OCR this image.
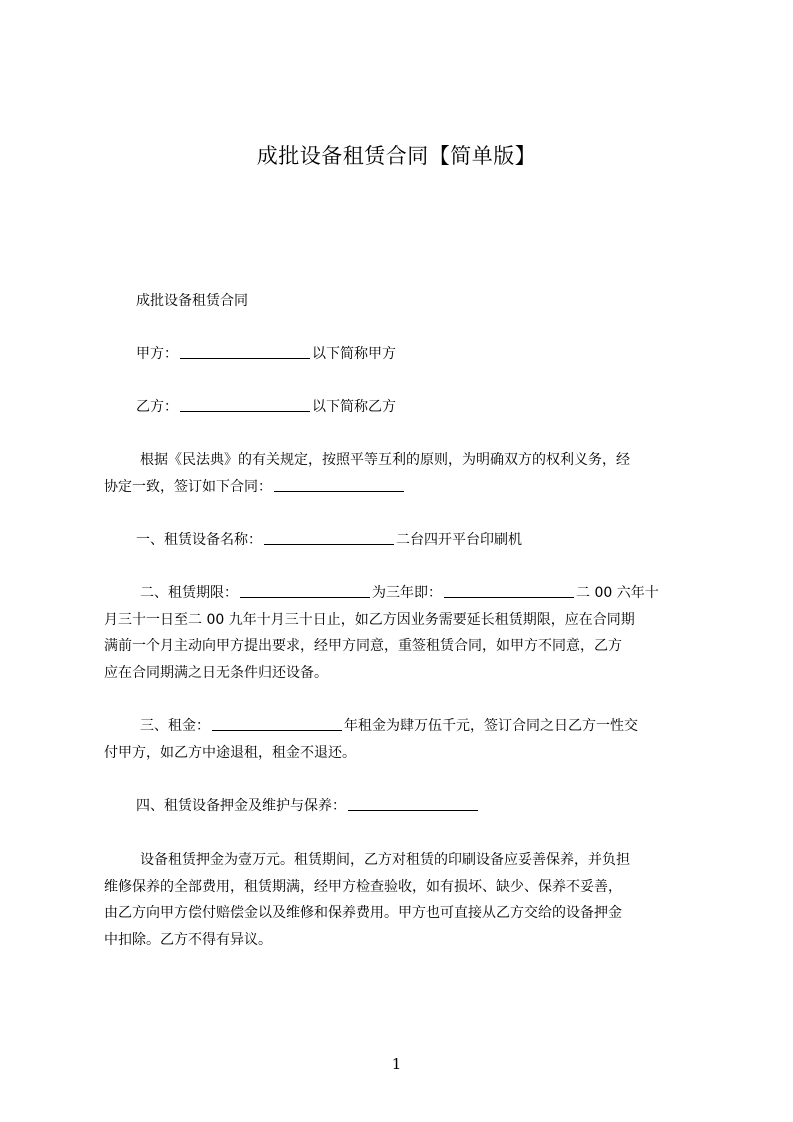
成批设备租赁合同【简单版】
成批设备租赁合同
甲方：	以下简称甲方
乙方：	以下简称乙方
根据《民法典》的有关规定，按照平等互利的原则，为明确双方的权利义务，经
协定一致，签订如下合同：
一、租赁设备名称：	二台四开平台印刷机
二、租赁期限：	为三年即：	二 00 六年十
月三十一日至二 00 九年十月三十日止，如乙方因业务需要延长租赁期限，应在合同期
满前一个月主动向甲方提出要求，经甲方同意，重签租赁合同，如甲方不同意，乙方
应在合同期满之日无条件归还设备。
三、租金：	年租金为肆万伍千元，签订合同之日乙方一性交
付甲方，如乙方中途退租，租金不退还。
四、租赁设备押金及维护与保养：
设备租赁押金为壹万元。租赁期间，乙方对租赁的印刷设备应妥善保养，并负担
维修保养的全部费用，租赁期满，经甲方检查验收，如有损坏、缺少、保养不妥善，
由乙方向甲方偿付赔偿金以及维修和保养费用。甲方也可直接从乙方交给的设备押金
中扣除。乙方不得有异议。
1
